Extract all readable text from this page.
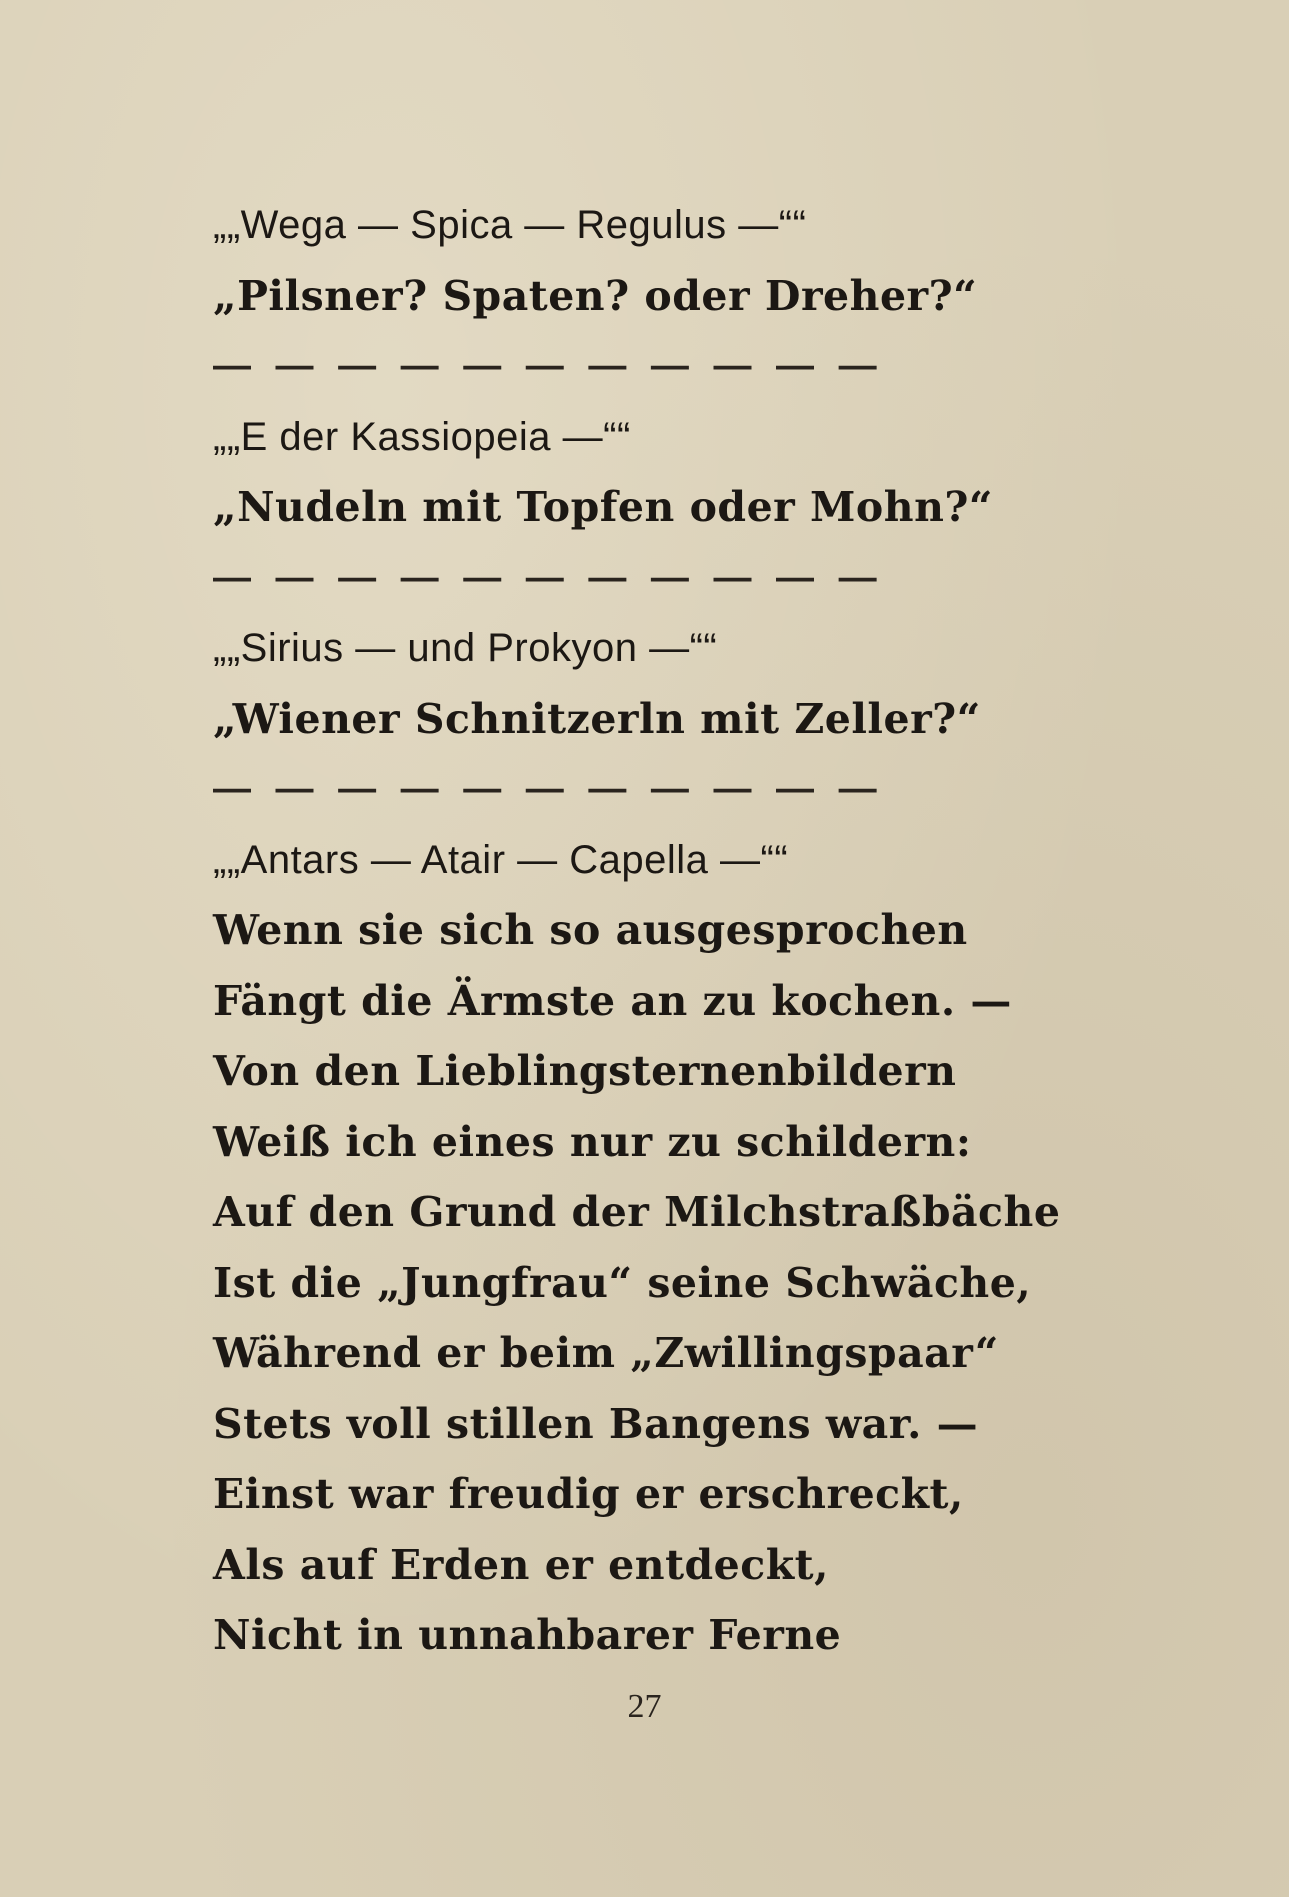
„„Wega — Spica — Regulus —““
„Pilsner? Spaten? oder Dreher?“
— — — — — — — — — — —
„„E der Kassiopeia —““
„Nudeln mit Topfen oder Mohn?“
— — — — — — — — — — —
„„Sirius — und Prokyon —““
„Wiener Schnitzerln mit Zeller?“
— — — — — — — — — — —
„„Antars — Atair — Capella —““
Wenn sie sich so ausgesprochen
Fängt die Ärmste an zu kochen. —
Von den Lieblingsternenbildern
Weiß ich eines nur zu schildern:
Auf den Grund der Milchstraßbäche
Ist die „Jungfrau“ seine Schwäche,
Während er beim „Zwillingspaar“
Stets voll stillen Bangens war. —
Einst war freudig er erschreckt,
Als auf Erden er entdeckt,
Nicht in unnahbarer Ferne
27
